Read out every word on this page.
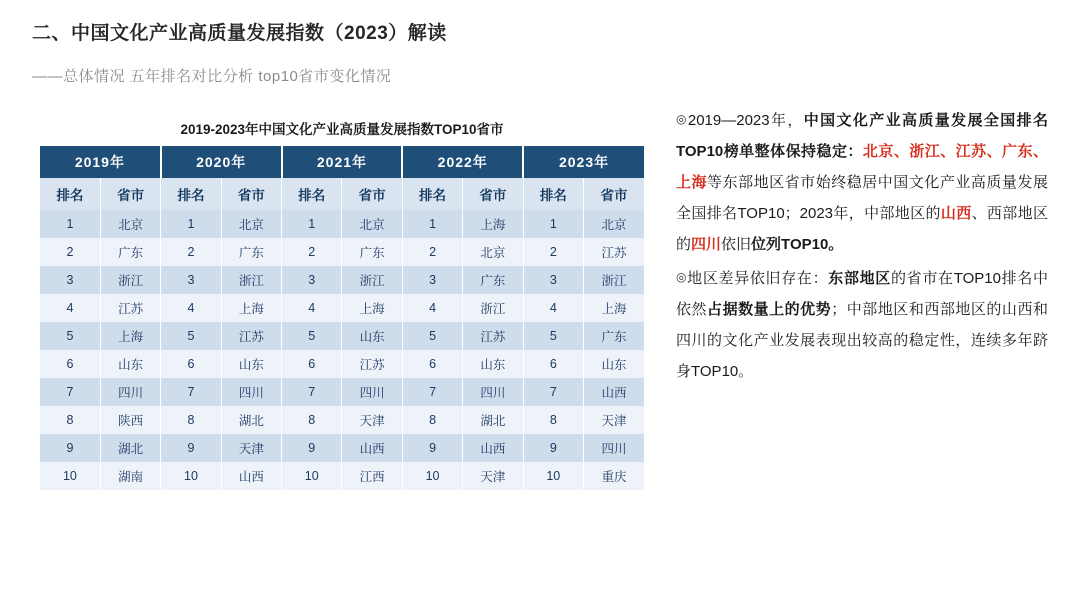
二、中国文化产业高质量发展指数（2023）解读
——总体情况 五年排名对比分析 top10省市变化情况
2019-2023年中国文化产业高质量发展指数TOP10省市
2019年		2020年		2021年		2022年		2023年	
排名	省市	排名	省市	排名	省市	排名	省市	排名	省市
1	北京	1	北京	1	北京	1	上海	1	北京
2	广东	2	广东	2	广东	2	北京	2	江苏
3	浙江	3	浙江	3	浙江	3	广东	3	浙江
4	江苏	4	上海	4	上海	4	浙江	4	上海
5	上海	5	江苏	5	山东	5	江苏	5	广东
6	山东	6	山东	6	江苏	6	山东	6	山东
7	四川	7	四川	7	四川	7	四川	7	山西
8	陕西	8	湖北	8	天津	8	湖北	8	天津
9	湖北	9	天津	9	山西	9	山西	9	四川
10	湖南	10	山西	10	江西	10	天津	10	重庆

◎2019—2023年，中国文化产业高质量发展全国排名TOP10榜单整体保持稳定：北京、浙江、江苏、广东、上海等东部地区省市始终稳居中国文化产业高质量发展全国排名TOP10；2023年，中部地区的山西、西部地区的四川依旧位列TOP10。

◎地区差异依旧存在：东部地区的省市在TOP10排名中依然占据数量上的优势；中部地区和西部地区的山西和四川的文化产业发展表现出较高的稳定性，连续多年跻身TOP10。
